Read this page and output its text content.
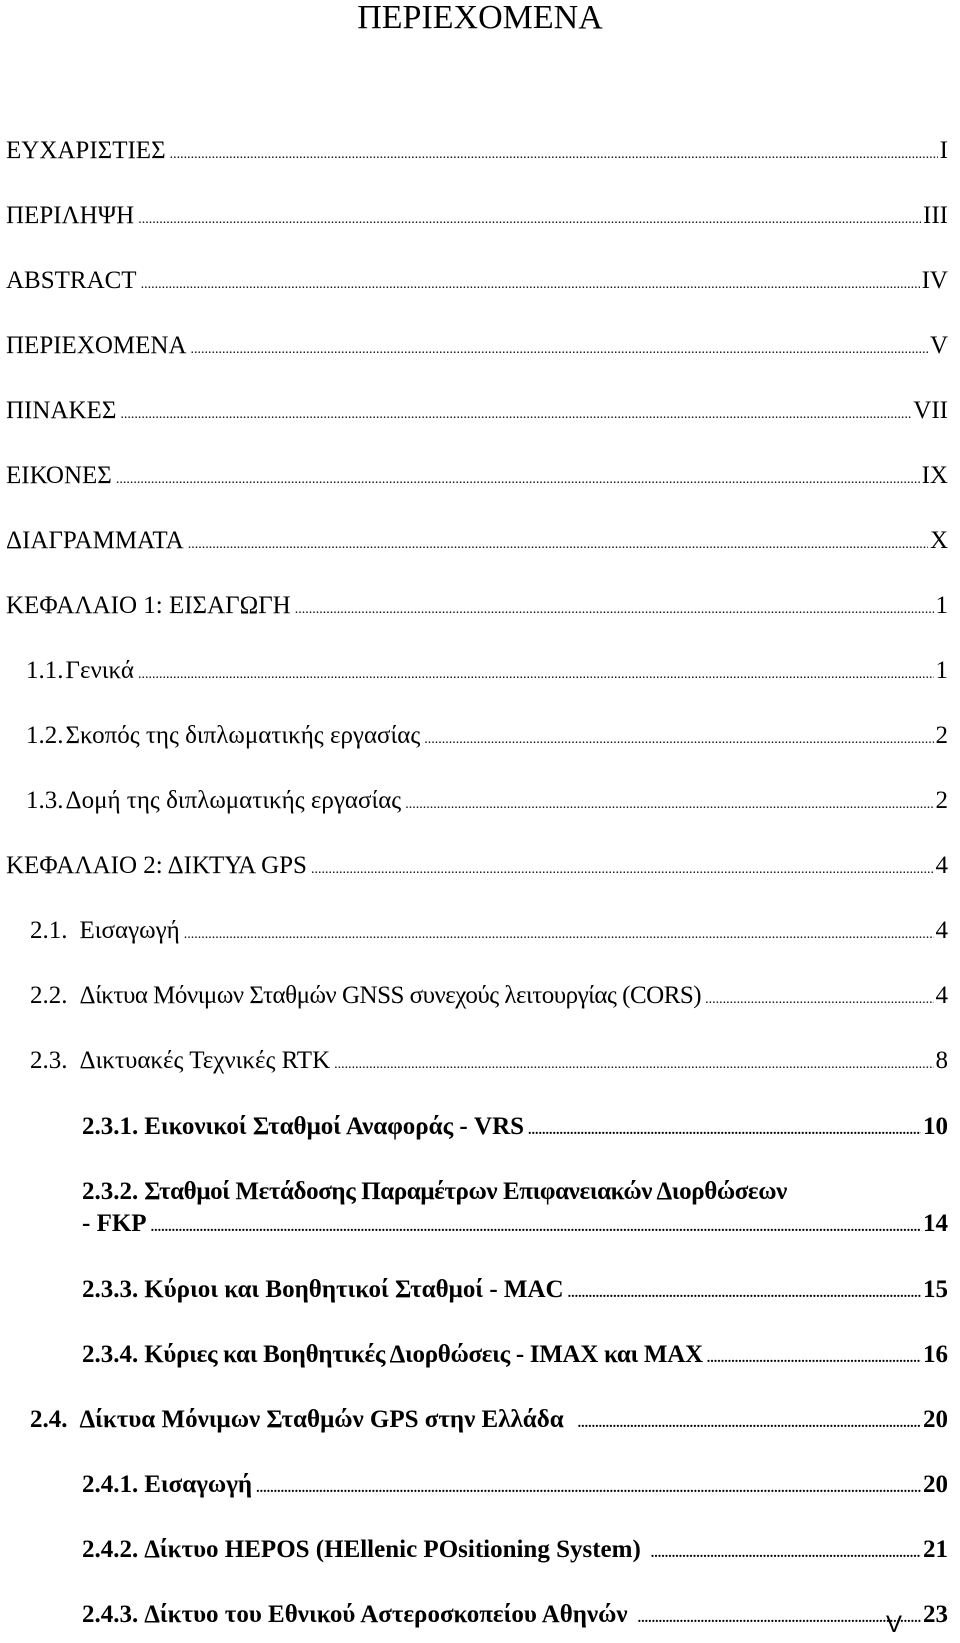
ΠΕΡΙΕΧΟΜΕΝΑ
ΕΥΧΑΡΙΣΤΙΕΣ .....	I
ΠΕΡΙΛΗΨΗ .....	III
ABSTRACT .....	IV
ΠΕΡΙΕΧΟΜΕΝΑ .....	V
ΠΙΝΑΚΕΣ .....	VII
ΕΙΚΟΝΕΣ .....	IX
ΔΙΑΓΡΑΜΜΑΤΑ .....	X
ΚΕΦΑΛΑΙΟ 1: ΕΙΣΑΓΩΓΗ .....	1
1.1. Γενικά .....	1
1.2. Σκοπός της διπλωματικής εργασίας .....	2
1.3. Δομή της διπλωματικής εργασίας .....	2
ΚΕΦΑΛΑΙΟ 2: ΔΙΚΤΥΑ GPS .....	4
2.1. Εισαγωγή .....	4
2.2. Δίκτυα Μόνιμων Σταθμών GNSS συνεχούς λειτουργίας (CORS) .....	4
2.3. Δικτυακές Τεχνικές RTK .....	8
2.3.1. Εικονικοί Σταθμοί Αναφοράς - VRS .....	10
2.3.2. Σταθμοί Μετάδοσης Παραμέτρων Επιφανειακών Διορθώσεων
- FKP .....	14
2.3.3. Κύριοι και Βοηθητικοί Σταθμοί - MAC .....	15
2.3.4. Κύριες και Βοηθητικές Διορθώσεις - IMAX και MAX .....	16
2.4. Δίκτυα Μόνιμων Σταθμών GPS στην Ελλάδα .....	20
2.4.1. Εισαγωγή .....	20
2.4.2. Δίκτυο HEPOS (HEllenic POsitioning System) .....	21
2.4.3. Δίκτυο του Εθνικού Αστεροσκοπείου Αθηνών .....	23
V
